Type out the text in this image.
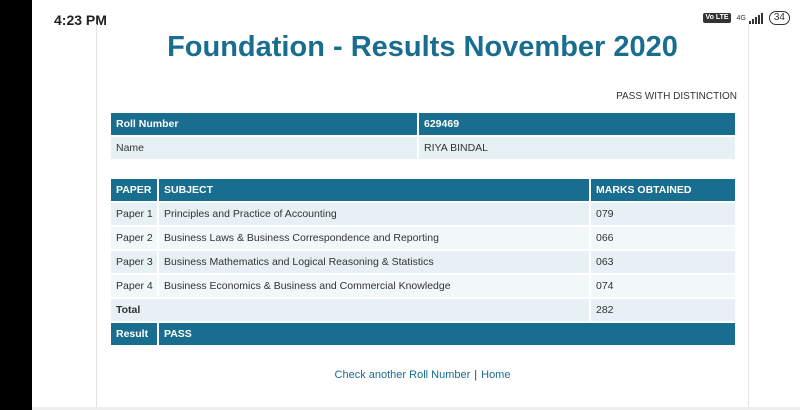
4:23 PM	Vo LTE 4G	34
Foundation - Results November 2020
PASS WITH DISTINCTION
Roll Number	629469
Name	RIYA BINDAL
PAPER	SUBJECT	MARKS OBTAINED
Paper 1	Principles and Practice of Accounting	079
Paper 2	Business Laws & Business Correspondence and Reporting	066
Paper 3	Business Mathematics and Logical Reasoning & Statistics	063
Paper 4	Business Economics & Business and Commercial Knowledge	074
Total		282
Result	PASS	
Check another Roll Number | Home
